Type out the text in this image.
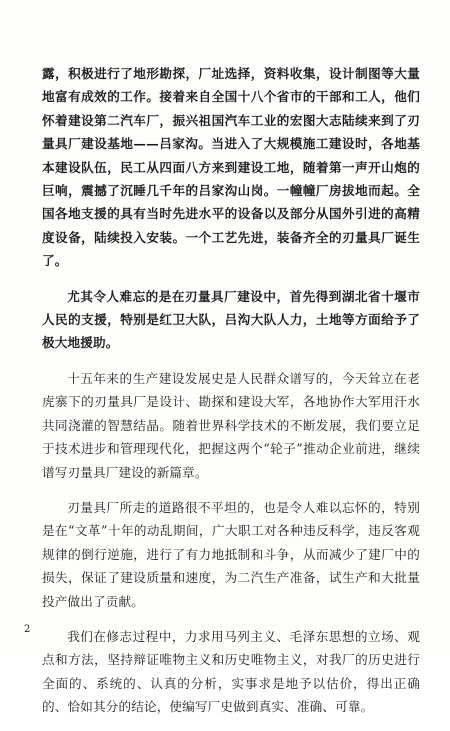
露，积极进行了地形勘探，厂址选择，资料收集，设计制图等大量地富有成效的工作。接着来自全国十八个省市的干部和工人，他们怀着建设第二汽车厂，振兴祖国汽车工业的宏图大志陆续来到了刃量具厂建设基地——吕家沟。当进入了大规模施工建设时，各地基本建设队伍，民工从四面八方来到建设工地，随着第一声开山炮的巨响，震撼了沉睡几千年的吕家沟山岗。一幢幢厂房拔地而起。全国各地支援的具有当时先进水平的设备以及部分从国外引进的高精度设备，陆续投入安装。一个工艺先进，装备齐全的刃量具厂诞生了。

尤其令人难忘的是在刃量具厂建设中，首先得到湖北省十堰市人民的支援，特别是红卫大队，吕沟大队人力，土地等方面给予了极大地援助。

十五年来的生产建设发展史是人民群众谱写的，今天耸立在老虎寨下的刃量具厂是设计、勘探和建设大军，各地协作大军用汗水共同浇灌的智慧结晶。随着世界科学技术的不断发展，我们要立足于技术进步和管理现代化，把握这两个“轮子”推动企业前进，继续谱写刃量具厂建设的新篇章。

刃量具厂所走的道路很不平坦的，也是令人难以忘怀的，特别是在“文革”十年的动乱期间，广大职工对各种违反科学，违反客观规律的倒行逆施，进行了有力地抵制和斗争，从而减少了建厂中的损失，保证了建设质量和速度，为二汽生产准备，试生产和大批量投产做出了贡献。

我们在修志过程中，力求用马列主义、毛泽东思想的立场、观点和方法，坚持辩证唯物主义和历史唯物主义，对我厂的历史进行全面的、系统的、认真的分析，实事求是地予以估价，得出正确的、恰如其分的结论，使编写厂史做到真实、准确、可靠。

2
